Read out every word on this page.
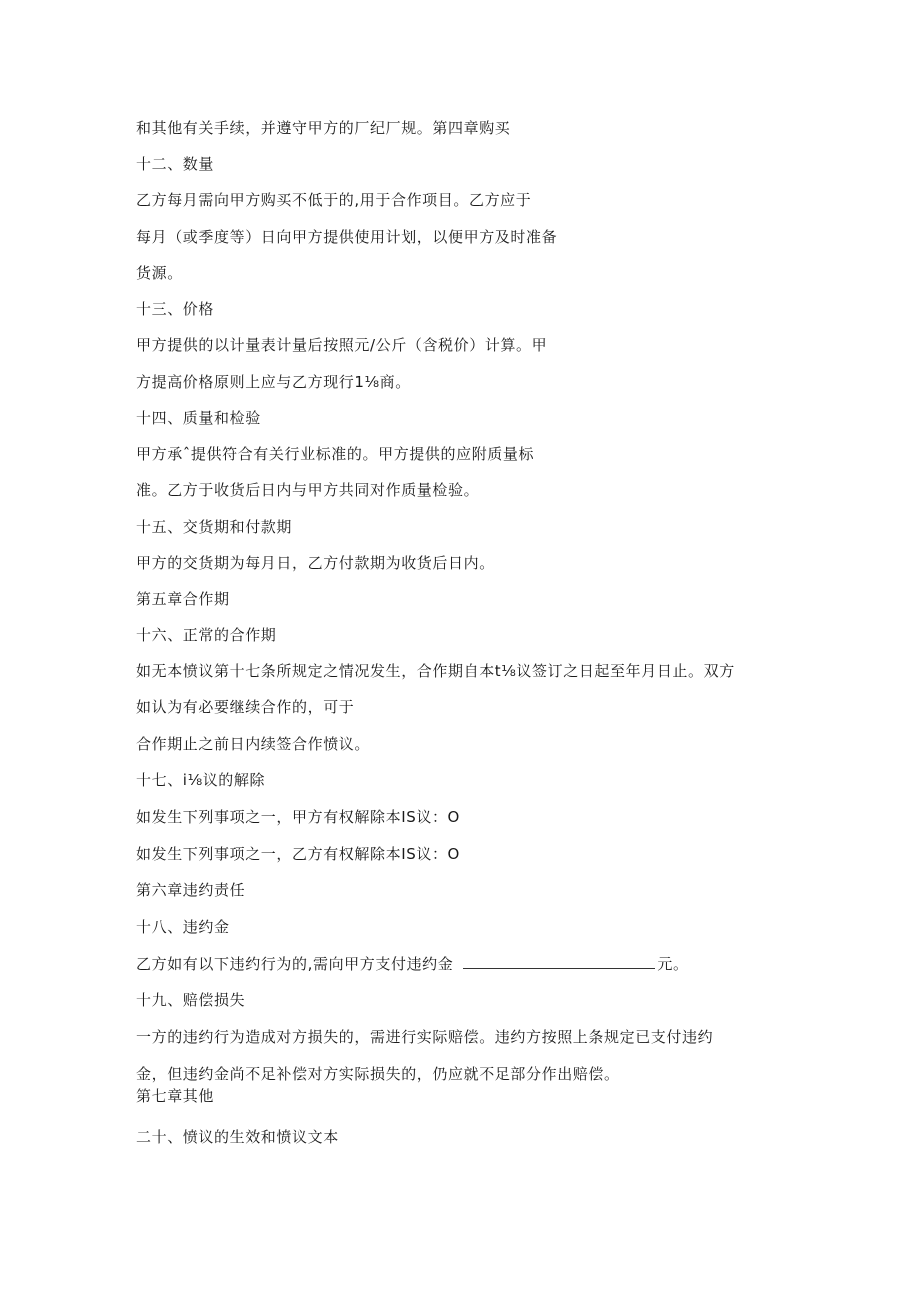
和其他有关手续，并遵守甲方的厂纪厂规。第四章购买

十二、数量

乙方每月需向甲方购买不低于的,用于合作项目。乙方应于

每月（或季度等）日向甲方提供使用计划，以便甲方及时准备

货源。

十三、价格

甲方提供的以计量表计量后按照元/公斤（含税价）计算。甲

方提高价格原则上应与乙方现行1⅛商。

十四、质量和检验

甲方承ˆ提供符合有关行业标准的。甲方提供的应附质量标

准。乙方于收货后日内与甲方共同对作质量检验。

十五、交货期和付款期

甲方的交货期为每月日，乙方付款期为收货后日内。

第五章合作期

十六、正常的合作期

如无本愤议第十七条所规定之情况发生，合作期自本t⅛议签订之日起至年月日止。双方

如认为有必要继续合作的，可于

合作期止之前日内续签合作愤议。

十七、i⅛议的解除

如发生下列事项之一，甲方有权解除本IS议：O

如发生下列事项之一，乙方有权解除本IS议：O

第六章违约责任

十八、违约金

乙方如有以下违约行为的,需向甲方支付违约金	元。

十九、赔偿损失

一方的违约行为造成对方损失的，需进行实际赔偿。违约方按照上条规定已支付违约

金，但违约金尚不足补偿对方实际损失的，仍应就不足部分作出赔偿。

第七章其他

二十、愤议的生效和愤议文本
